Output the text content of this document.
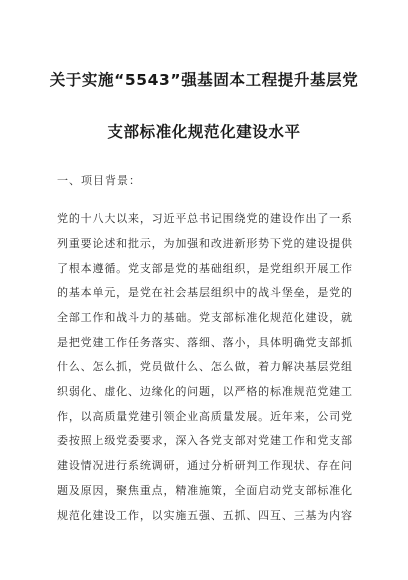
关于实施“5543”强基固本工程提升基层党
支部标准化规范化建设水平
一、项目背景：
党的十八大以来，习近平总书记围绕党的建设作出了一系
列重要论述和批示，为加强和改进新形势下党的建设提供
了根本遵循。党支部是党的基础组织，是党组织开展工作
的基本单元，是党在社会基层组织中的战斗堡垒，是党的
全部工作和战斗力的基础。党支部标准化规范化建设，就
是把党建工作任务落实、落细、落小，具体明确党支部抓
什么、怎么抓，党员做什么、怎么做，着力解决基层党组
织弱化、虚化、边缘化的问题，以严格的标准规范党建工
作，以高质量党建引领企业高质量发展。近年来，公司党
委按照上级党委要求，深入各党支部对党建工作和党支部
建设情况进行系统调研，通过分析研判工作现状、存在问
题及原因，聚焦重点，精准施策，全面启动党支部标准化
规范化建设工作，以实施五强、五抓、四互、三基为内容
